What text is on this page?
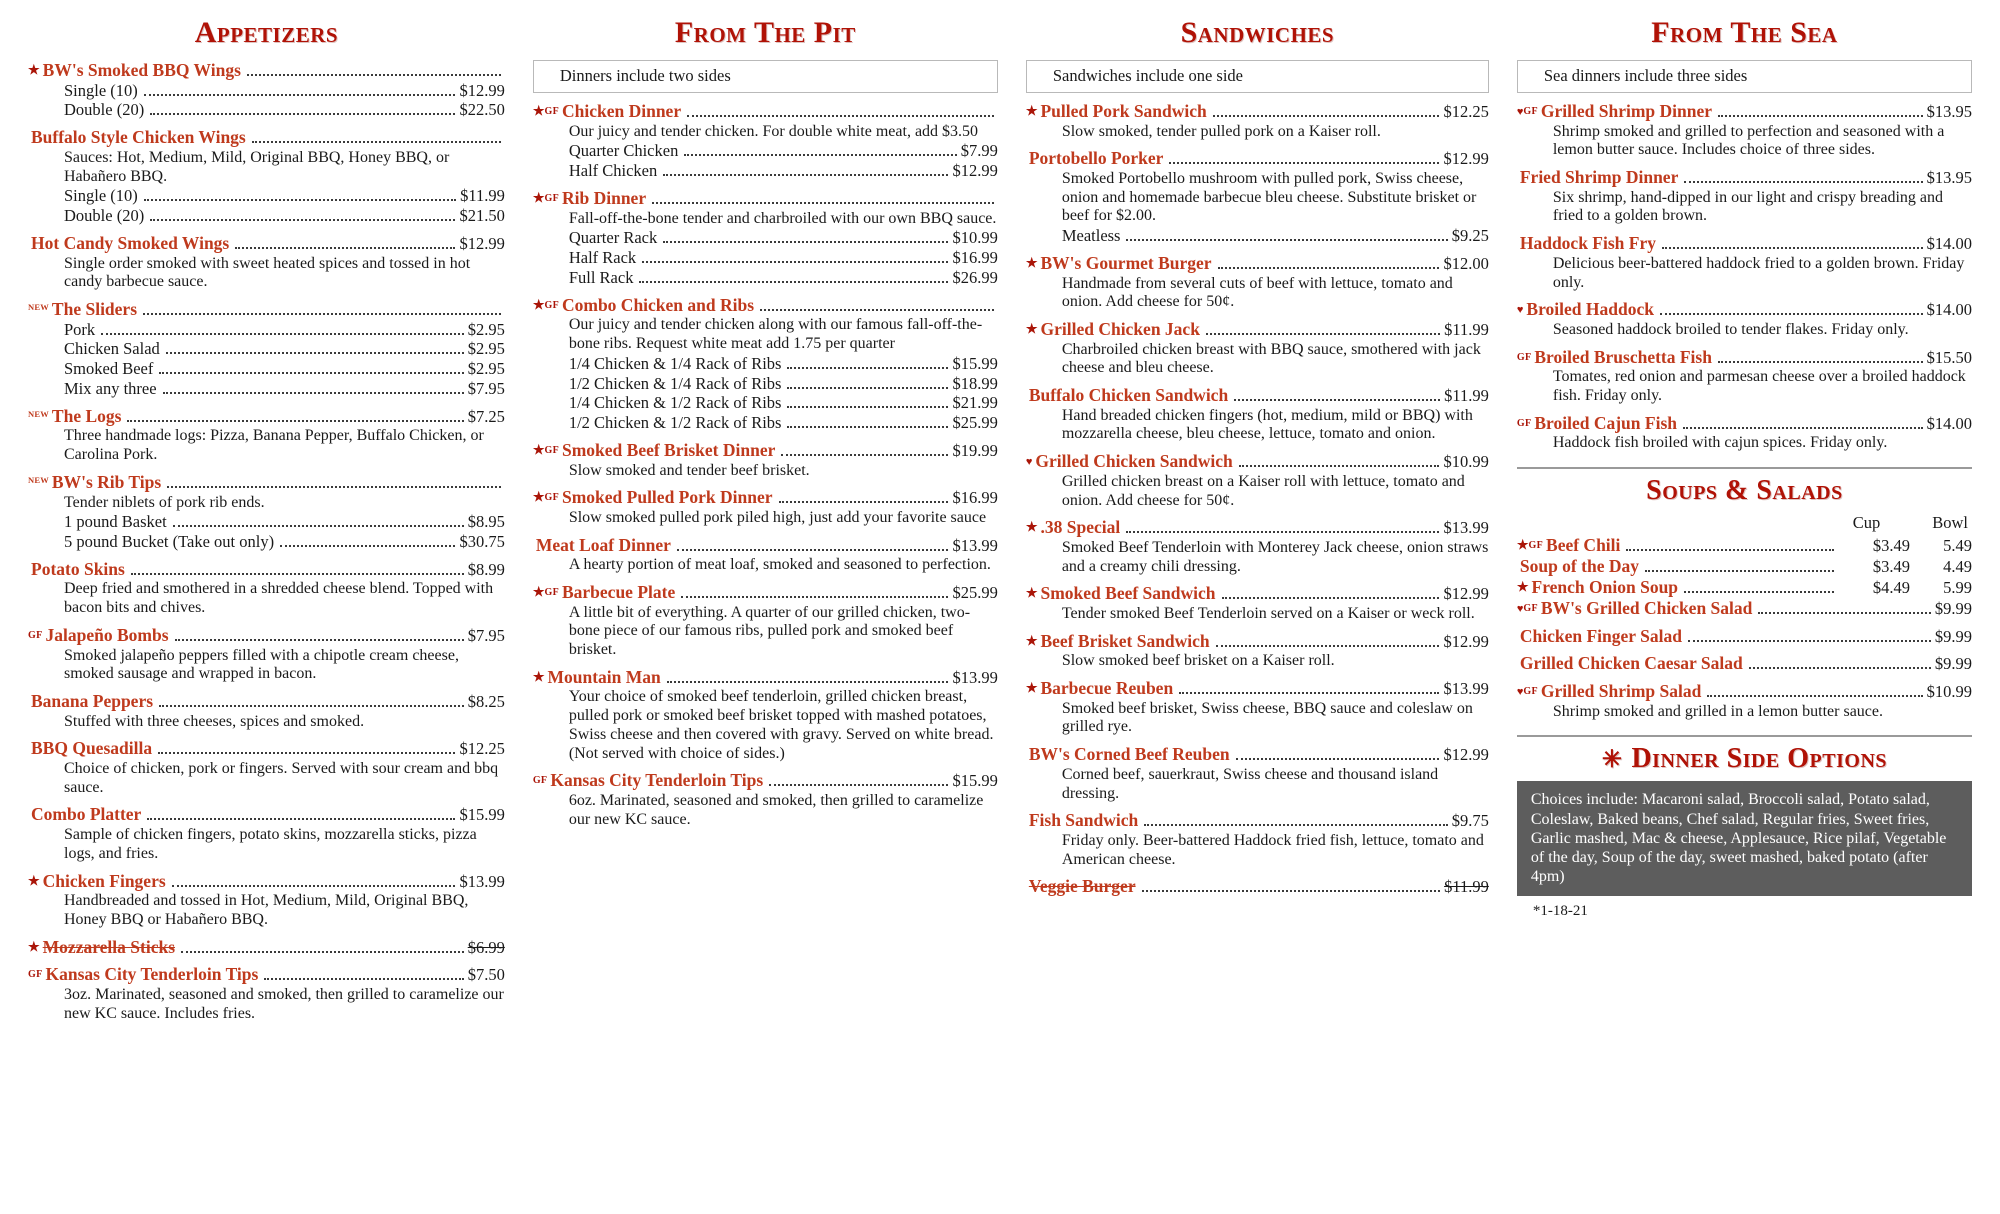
Appetizers
★ BW's Smoked BBQ Wings
Single (10)	$12.99
Double (20)	$22.50
Buffalo Style Chicken Wings
Sauces: Hot, Medium, Mild, Original BBQ, Honey BBQ, or Habañero BBQ.
Single (10)	$11.99
Double (20)	$21.50
Hot Candy Smoked Wings	$12.99
Single order smoked with sweet heated spices and tossed in hot candy barbecue sauce.
$^{NEW}$ The Sliders
Pork	$2.95
Chicken Salad	$2.95
Smoked Beef	$2.95
Mix any three	$7.95
$^{NEW}$ The Logs	$7.25
Three handmade logs: Pizza, Banana Pepper, Buffalo Chicken, or Carolina Pork.
$^{NEW}$ BW's Rib Tips
Tender niblets of pork rib ends.
1 pound Basket	$8.95
5 pound Bucket (Take out only)	$30.75
Potato Skins	$8.99
Deep fried and smothered in a shredded cheese blend. Topped with bacon bits and chives.
GF Jalapeño Bombs	$7.95
Smoked jalapeño peppers filled with a chipotle cream cheese, smoked sausage and wrapped in bacon.
Banana Peppers	$8.25
Stuffed with three cheeses, spices and smoked.
BBQ Quesadilla	$12.25
Choice of chicken, pork or fingers. Served with sour cream and bbq sauce.
Combo Platter	$15.99
Sample of chicken fingers, potato skins, mozzarella sticks, pizza logs, and fries.
★ Chicken Fingers	$13.99
Handbreaded and tossed in Hot, Medium, Mild, Original BBQ, Honey BBQ or Habañero BBQ.
★ Mozzarella Sticks	$6.99
GF Kansas City Tenderloin Tips	$7.50
3oz. Marinated, seasoned and smoked, then grilled to caramelize our new KC sauce. Includes fries.
From The Pit
Dinners include two sides
★GF Chicken Dinner
Our juicy and tender chicken. For double white meat, add $3.50
Quarter Chicken	$7.99
Half Chicken	$12.99
★GF Rib Dinner
Fall-off-the-bone tender and charbroiled with our own BBQ sauce.
Quarter Rack	$10.99
Half Rack	$16.99
Full Rack	$26.99
★GF Combo Chicken and Ribs
Our juicy and tender chicken along with our famous fall-off-the-bone ribs. Request white meat add 1.75 per quarter
1/4 Chicken & 1/4 Rack of Ribs	$15.99
1/2 Chicken & 1/4 Rack of Ribs	$18.99
1/4 Chicken & 1/2 Rack of Ribs	$21.99
1/2 Chicken & 1/2 Rack of Ribs	$25.99
★GF Smoked Beef Brisket Dinner	$19.99
Slow smoked and tender beef brisket.
★GF Smoked Pulled Pork Dinner	$16.99
Slow smoked pulled pork piled high, just add your favorite sauce
Meat Loaf Dinner	$13.99
A hearty portion of meat loaf, smoked and seasoned to perfection.
★GF Barbecue Plate	$25.99
A little bit of everything. A quarter of our grilled chicken, two-bone piece of our famous ribs, pulled pork and smoked beef brisket.
★ Mountain Man	$13.99
Your choice of smoked beef tenderloin, grilled chicken breast, pulled pork or smoked beef brisket topped with mashed potatoes, Swiss cheese and then covered with gravy. Served on white bread. (Not served with choice of sides.)
GF Kansas City Tenderloin Tips	$15.99
6oz. Marinated, seasoned and smoked, then grilled to caramelize our new KC sauce.
Sandwiches
Sandwiches include one side
★ Pulled Pork Sandwich	$12.25
Slow smoked, tender pulled pork on a Kaiser roll.
Portobello Porker	$12.99
Smoked Portobello mushroom with pulled pork, Swiss cheese, onion and homemade barbecue bleu cheese. Substitute brisket or beef for $2.00.
Meatless	$9.25
★ BW's Gourmet Burger	$12.00
Handmade from several cuts of beef with lettuce, tomato and onion. Add cheese for 50¢.
★ Grilled Chicken Jack	$11.99
Charbroiled chicken breast with BBQ sauce, smothered with jack cheese and bleu cheese.
Buffalo Chicken Sandwich	$11.99
Hand breaded chicken fingers (hot, medium, mild or BBQ) with mozzarella cheese, bleu cheese, lettuce, tomato and onion.
♥ Grilled Chicken Sandwich	$10.99
Grilled chicken breast on a Kaiser roll with lettuce, tomato and onion. Add cheese for 50¢.
★ .38 Special	$13.99
Smoked Beef Tenderloin with Monterey Jack cheese, onion straws and a creamy chili dressing.
★ Smoked Beef Sandwich	$12.99
Tender smoked Beef Tenderloin served on a Kaiser or weck roll.
★ Beef Brisket Sandwich	$12.99
Slow smoked beef brisket on a Kaiser roll.
★ Barbecue Reuben	$13.99
Smoked beef brisket, Swiss cheese, BBQ sauce and coleslaw on grilled rye.
BW's Corned Beef Reuben	$12.99
Corned beef, sauerkraut, Swiss cheese and thousand island dressing.
Fish Sandwich	$9.75
Friday only. Beer-battered Haddock fried fish, lettuce, tomato and American cheese.
Veggie Burger	$11.99
From The Sea
Sea dinners include three sides
♥GF Grilled Shrimp Dinner	$13.95
Shrimp smoked and grilled to perfection and seasoned with a lemon butter sauce. Includes choice of three sides.
Fried Shrimp Dinner	$13.95
Six shrimp, hand-dipped in our light and crispy breading and fried to a golden brown.
Haddock Fish Fry	$14.00
Delicious beer-battered haddock fried to a golden brown. Friday only.
♥ Broiled Haddock	$14.00
Seasoned haddock broiled to tender flakes. Friday only.
GF Broiled Bruschetta Fish	$15.50
Tomates, red onion and parmesan cheese over a broiled haddock fish. Friday only.
GF Broiled Cajun Fish	$14.00
Haddock fish broiled with cajun spices. Friday only.
Soups & Salads
Cup	Bowl
★GF Beef Chili	$3.49	5.49
Soup of the Day	$3.49	4.49
★ French Onion Soup	$4.49	5.99
♥GF BW's Grilled Chicken Salad	$9.99
Chicken Finger Salad	$9.99
Grilled Chicken Caesar Salad	$9.99
♥GF Grilled Shrimp Salad	$10.99
Shrimp smoked and grilled in a lemon butter sauce.
✳ Dinner Side Options
Choices include: Macaroni salad, Broccoli salad, Potato salad, Coleslaw, Baked beans, Chef salad, Regular fries, Sweet fries, Garlic mashed, Mac & cheese, Applesauce, Rice pilaf, Vegetable of the day, Soup of the day, sweet mashed, baked potato (after 4pm)
*1-18-21
